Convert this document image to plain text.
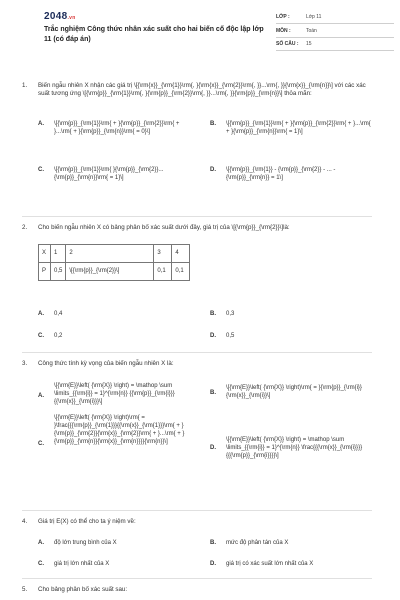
2048.vn
Trắc nghiệm Công thức nhân xác suất cho hai biến cố độc lập lớp 11 (có đáp án)
LỚP :	Lớp 11
MÔN :	Toán
SỐ CÂU :	15
1.	Biến ngẫu nhiên X nhận các giá trị \[{\rm{x}}_{\rm{1}}\rm{, }{\rm{x}}_{\rm{2}}\rm{, }}...\rm{, }}{\rm{x}}_{\rm{n}}\] với các xác suất tương ứng \[{\rm{p}}_{\rm{1}}\rm{, }{\rm{p}}_{\rm{2}}\rm{, }}...\rm{, }}{\rm{p}}_{\rm{n}}\] thỏa mãn:
A. \[{\rm{p}}_{\rm{1}}\rm{ + }{\rm{p}}_{\rm{2}}\rm{ + }...\rm{ + }{\rm{p}}_{\rm{n}}\rm{ = 0}\]
B. \[{\rm{p}}_{\rm{1}}\rm{ + }{\rm{p}}_{\rm{2}}\rm{ + }...\rm{ + }{\rm{p}}_{\rm{n}}\rm{ = 1}\]
C. \[{\rm{p}}_{\rm{1}}\rm{ }{\rm{p}}_{\rm{2}}...{\rm{p}}_{\rm{n}}\rm{ = 1}\]
D. \[{\rm{p}}_{\rm{1}} - {\rm{p}}_{\rm{2}} - ... - {\rm{p}}_{\rm{n}} = 1\]
2.	Cho biến ngẫu nhiên X có bảng phân bố xác suất dưới đây, giá trị của \[{\rm{p}}_{\rm{2}}\]là:
X	1	2	3	4
P	0,5	\[{\rm{p}}_{\rm{2}}\]	0,1	0,1
A. 0,4	B. 0,3
C. 0,2	D. 0,5
3.	Công thức tính kỳ vọng của biến ngẫu nhiên X là:
A.
\[{\rm{E}}\left( {\rm{X}} \right) = \mathop \sum \limits_{{\rm{i}} = 1}^{\rm{n}} {{\rm{p}}_{\rm{i}}}{{\rm{x}}_{\rm{i}}}\]
B.
\[{\rm{E}}\left( {\rm{X}} \right)\rm{ = }{\rm{p}}_{\rm{i}}{\rm{x}}_{\rm{i}}\]
C.
\[{\rm{E}}\left( {\rm{X}} \right)\rm{ = }\frac{{{\rm{p}}_{\rm{1}}}{{\rm{x}}_{\rm{1}}}\rm{ + }{\rm{p}}_{\rm{2}}{\rm{x}}_{\rm{2}}\rm{ + }...\rm{ + }{\rm{p}}_{\rm{n}}{\rm{x}}_{\rm{n}}}}{\rm{n}}\]
D.
\[{\rm{E}}\left( {\rm{X}} \right) = \mathop \sum \limits_{{\rm{i}} = 1}^{\rm{n}} \frac{{{\rm{x}}_{\rm{i}}}}{{{\rm{p}}_{\rm{i}}}}\]
4.	Giá trị E(X) có thể cho ta ý niệm về:
A. độ lớn trung bình của X	B. mức độ phân tán của X
C. giá trị lớn nhất của X	D. giá trị có xác suất lớn nhất của X
5.	Cho bảng phân bố xác suất sau:
